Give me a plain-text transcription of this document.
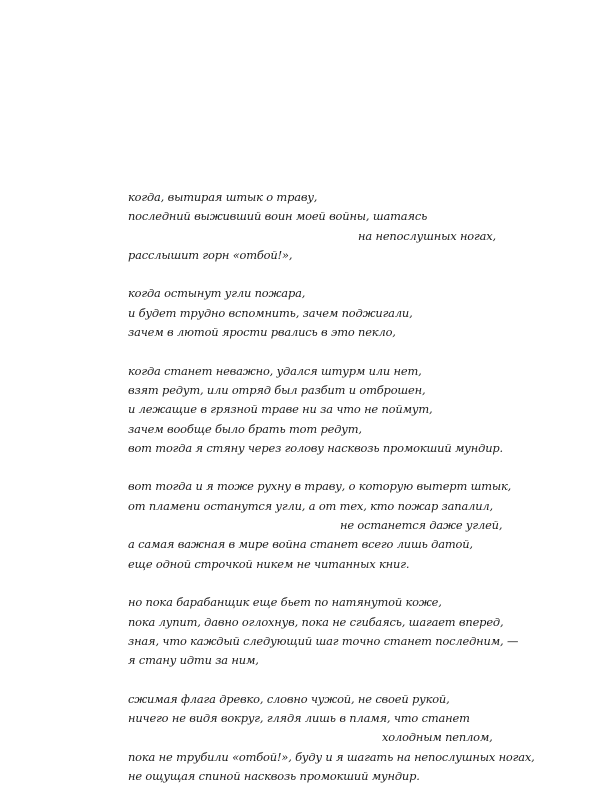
когда, вытирая штык о траву,
последний выживший воин моей войны, шатаясь
на непослушных ногах,
расслышит горн «отбой!»,
когда остынут угли пожара,
и будет трудно вспомнить, зачем поджигали,
зачем в лютой ярости рвались в это пекло,
когда станет неважно, удался штурм или нет,
взят редут, или отряд был разбит и отброшен,
и лежащие в грязной траве ни за что не поймут,
зачем вообще было брать тот редут,
вот тогда я стяну через голову насквозь промокший мундир.
вот тогда и я тоже рухну в траву, о которую вытерт штык,
от пламени останутся угли, а от тех, кто пожар запалил,
не останется даже углей,
а самая важная в мире война станет всего лишь датой,
еще одной строчкой никем не читанных книг.
но пока барабанщик еще бьет по натянутой коже,
пока лупит, давно оглохнув, пока не сгибаясь, шагает вперед,
зная, что каждый следующий шаг точно станет последним, —
я стану идти за ним,
сжимая флага древко, словно чужой, не своей рукой,
ничего не видя вокруг, глядя лишь в пламя, что станет
холодным пеплом,
пока не трубили «отбой!», буду и я шагать на непослушных ногах,
не ощущая спиной насквозь промокший мундир.
